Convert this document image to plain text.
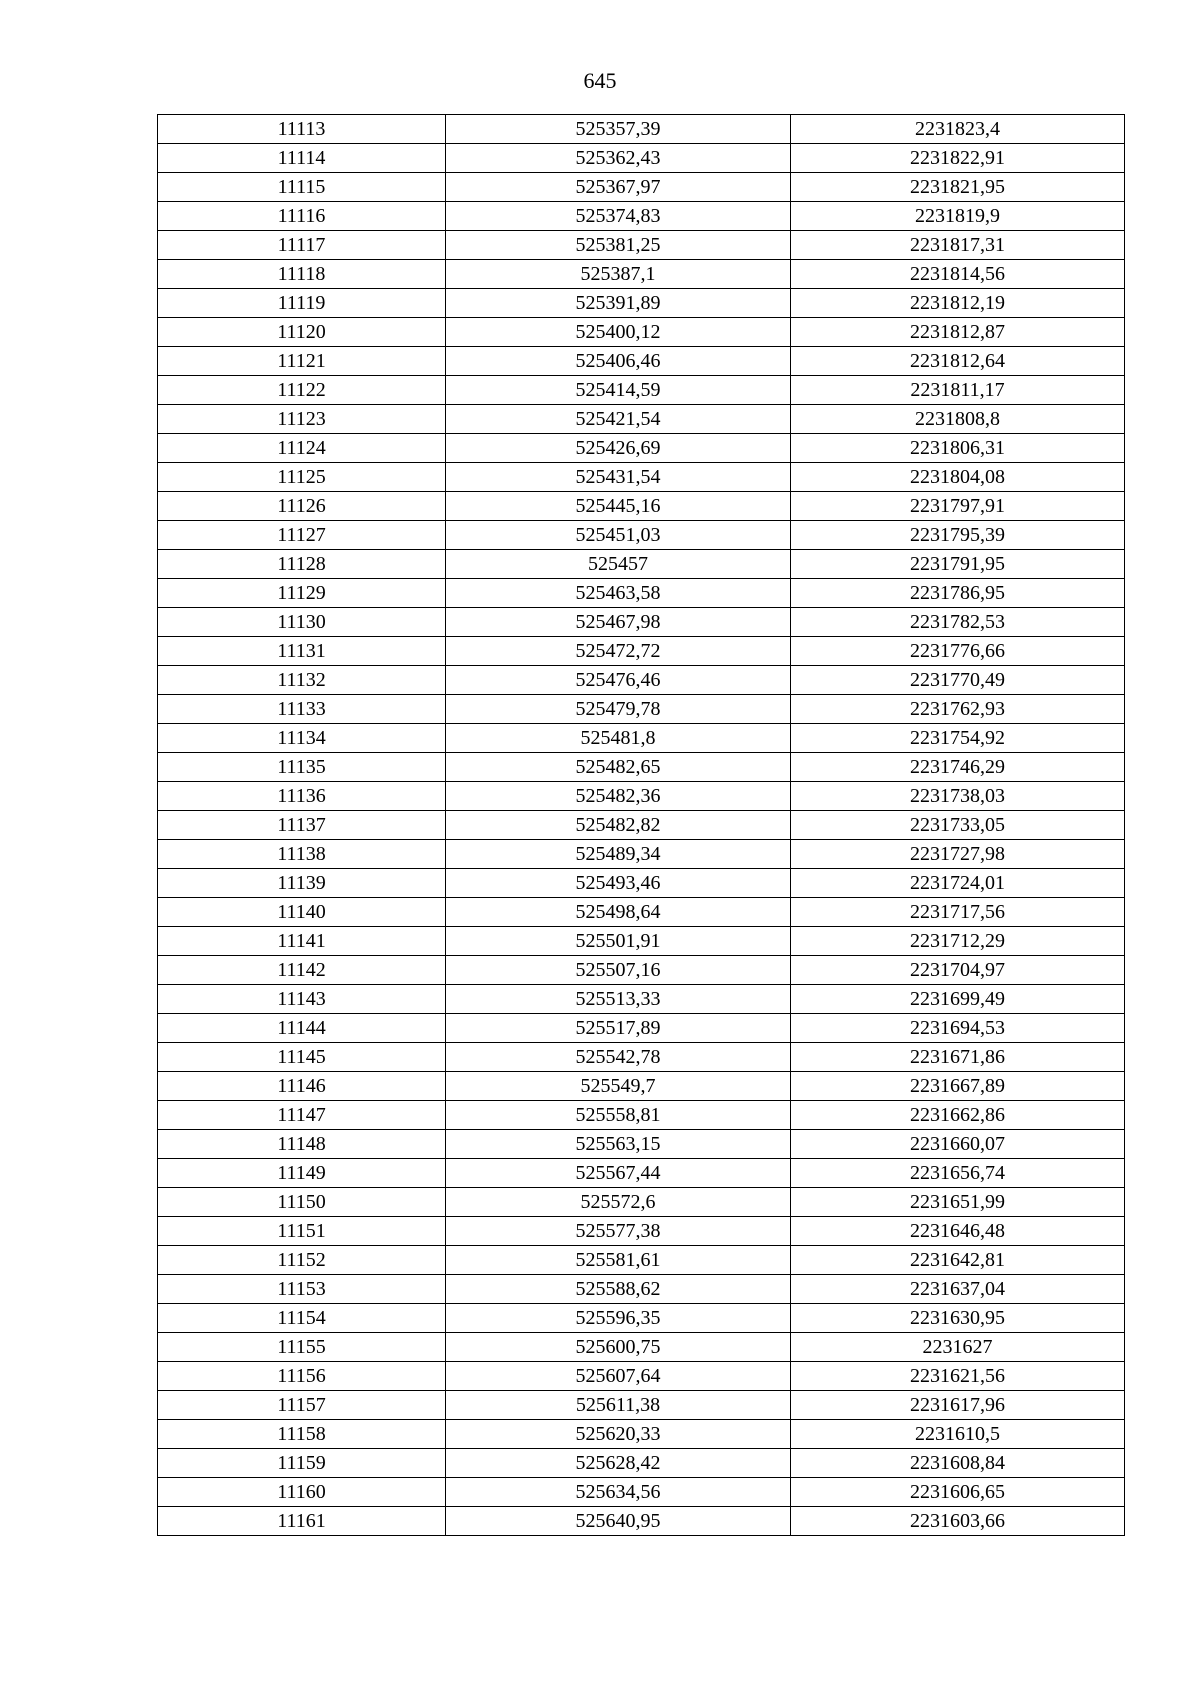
645
11113	525357,39	2231823,4
11114	525362,43	2231822,91
11115	525367,97	2231821,95
11116	525374,83	2231819,9
11117	525381,25	2231817,31
11118	525387,1	2231814,56
11119	525391,89	2231812,19
11120	525400,12	2231812,87
11121	525406,46	2231812,64
11122	525414,59	2231811,17
11123	525421,54	2231808,8
11124	525426,69	2231806,31
11125	525431,54	2231804,08
11126	525445,16	2231797,91
11127	525451,03	2231795,39
11128	525457	2231791,95
11129	525463,58	2231786,95
11130	525467,98	2231782,53
11131	525472,72	2231776,66
11132	525476,46	2231770,49
11133	525479,78	2231762,93
11134	525481,8	2231754,92
11135	525482,65	2231746,29
11136	525482,36	2231738,03
11137	525482,82	2231733,05
11138	525489,34	2231727,98
11139	525493,46	2231724,01
11140	525498,64	2231717,56
11141	525501,91	2231712,29
11142	525507,16	2231704,97
11143	525513,33	2231699,49
11144	525517,89	2231694,53
11145	525542,78	2231671,86
11146	525549,7	2231667,89
11147	525558,81	2231662,86
11148	525563,15	2231660,07
11149	525567,44	2231656,74
11150	525572,6	2231651,99
11151	525577,38	2231646,48
11152	525581,61	2231642,81
11153	525588,62	2231637,04
11154	525596,35	2231630,95
11155	525600,75	2231627
11156	525607,64	2231621,56
11157	525611,38	2231617,96
11158	525620,33	2231610,5
11159	525628,42	2231608,84
11160	525634,56	2231606,65
11161	525640,95	2231603,66
